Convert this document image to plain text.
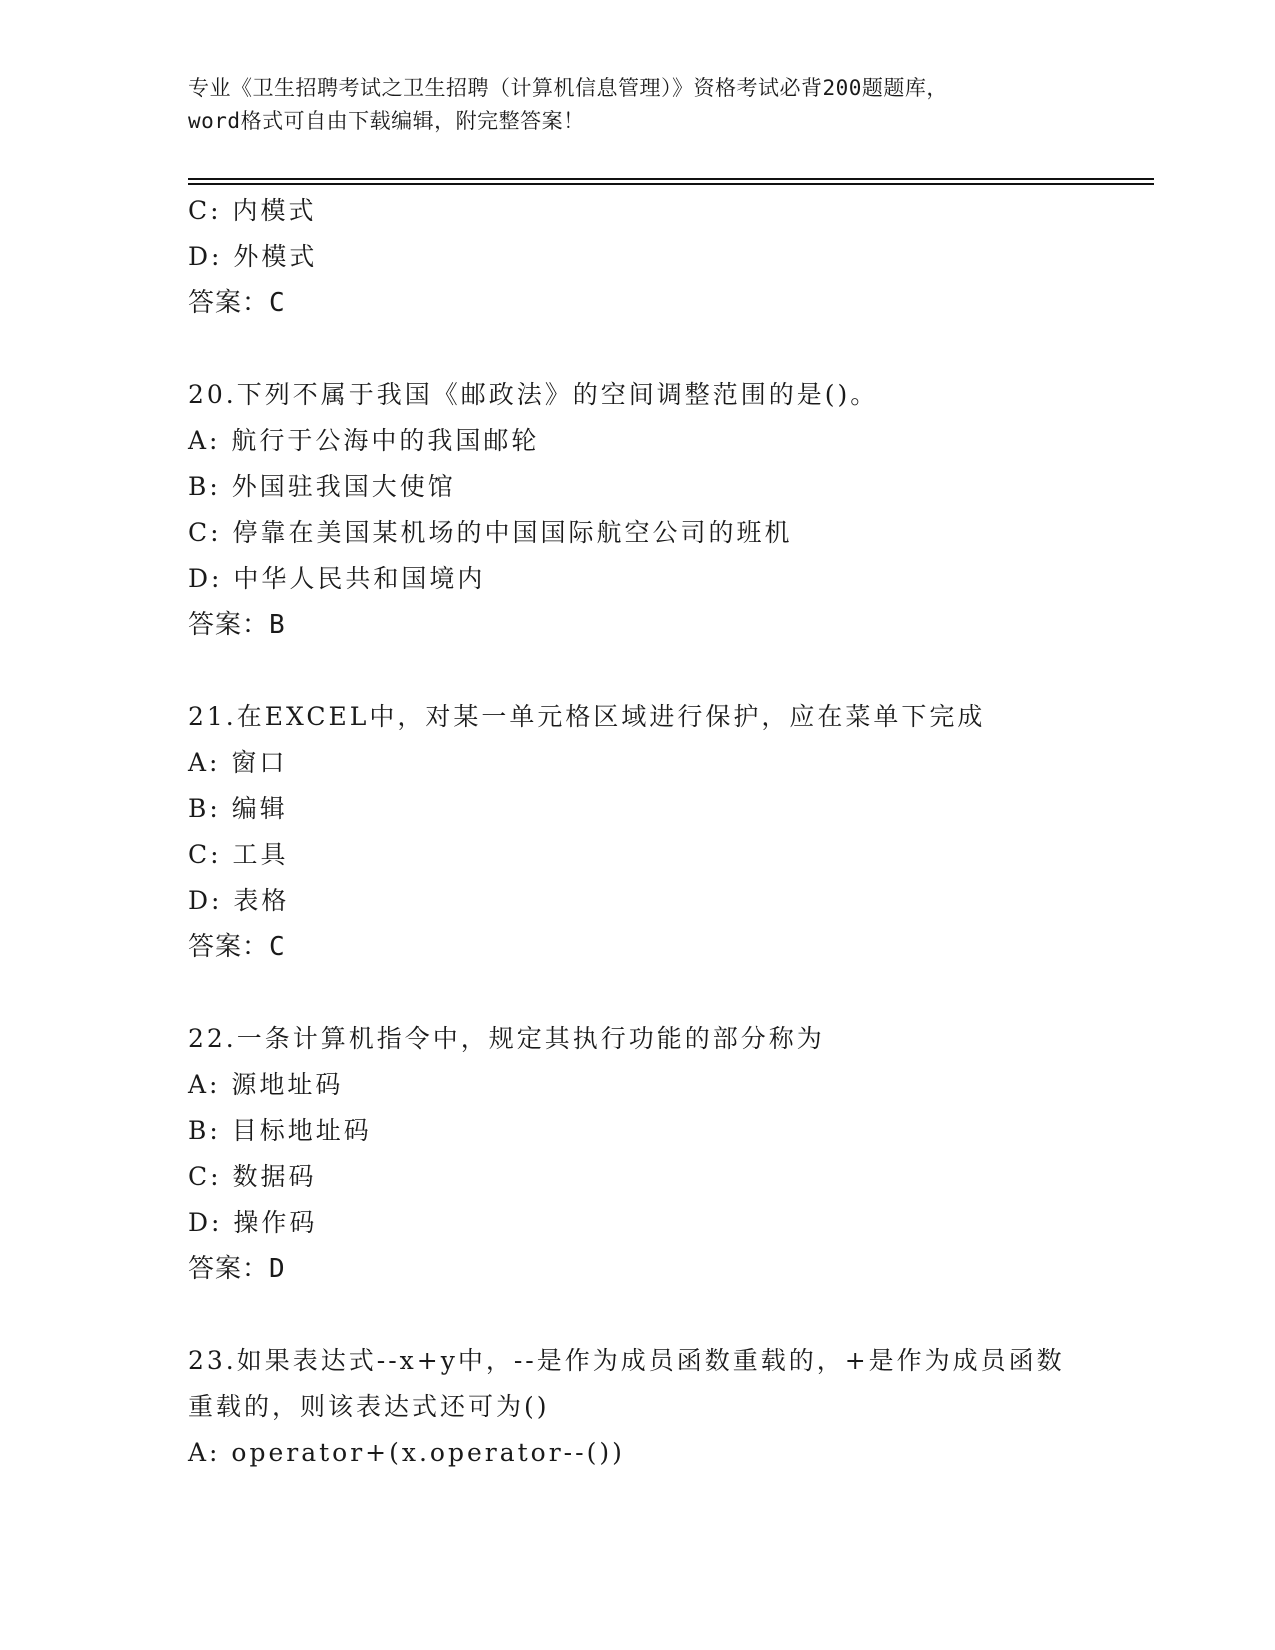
专业《卫生招聘考试之卫生招聘（计算机信息管理）》资格考试必背200题题库，
word格式可自由下载编辑，附完整答案！
C: 内模式
D: 外模式
答案：C
20.下列不属于我国《邮政法》的空间调整范围的是()。
A: 航行于公海中的我国邮轮
B: 外国驻我国大使馆
C: 停靠在美国某机场的中国国际航空公司的班机
D: 中华人民共和国境内
答案：B
21.在EXCEL中，对某一单元格区域进行保护，应在菜单下完成
A: 窗口
B: 编辑
C: 工具
D: 表格
答案：C
22.一条计算机指令中，规定其执行功能的部分称为
A: 源地址码
B: 目标地址码
C: 数据码
D: 操作码
答案：D
23.如果表达式--x+y中，--是作为成员函数重载的，+是作为成员函数
重载的，则该表达式还可为()
A: operator+(x.operator--())
